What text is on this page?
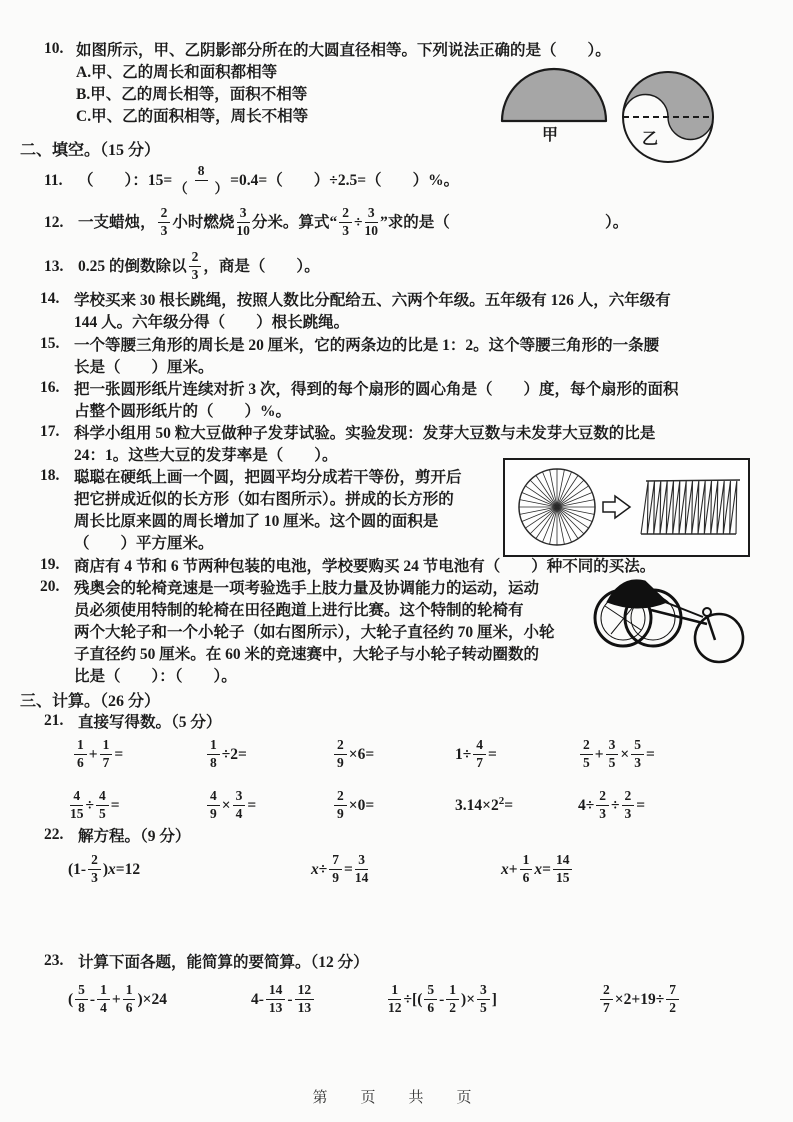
10. 如图所示，甲、乙阴影部分所在的大圆直径相等。下列说法正确的是（　　）。
A.甲、乙的周长和面积都相等
B.甲、乙的周长相等，面积不相等
C.甲、乙的面积相等，周长不相等
甲	乙
二、填空。（15 分）
11. （　　 ）：$15= \frac{8}{( )} =0.4=$（　　 ）÷2.5=（　　 ）%。
12. 一支蜡烛， $\frac{2}{3}$ 小时燃烧 $\frac{3}{10}$ 分米。算式“ $\frac{2}{3} \div \frac{3}{10}$ ”求的是（　　　　　　　　　　	）。
13. 0.25 的倒数除以 $\frac{2}{3}$ ，商是（　　 ）。
14. 学校买来 30 根长跳绳，按照人数比分配给五、六两个年级。五年级有 126 人，六年级有
144 人。六年级分得（　　）根长跳绳。
15. 一个等腰三角形的周长是 20 厘米，它的两条边的比是 1：2。这个等腰三角形的一条腰
长是（　　）厘米。
16. 把一张圆形纸片连续对折 3 次，得到的每个扇形的圆心角是（　　）度，每个扇形的面积
占整个圆形纸片的（　　）%。
17. 科学小组用 50 粒大豆做种子发芽试验。实验发现：发芽大豆数与未发芽大豆数的比是
24：1。这些大豆的发芽率是（　　）。
18. 聪聪在硬纸上画一个圆，把圆平均分成若干等份，剪开后
把它拼成近似的长方形（如右图所示）。拼成的长方形的
周长比原来圆的周长增加了 10 厘米。这个圆的面积是
（　　）平方厘米。
19. 商店有 4 节和 6 节两种包装的电池，学校要购买 24 节电池有（　　）种不同的买法。
20. 残奥会的轮椅竞速是一项考验选手上肢力量及协调能力的运动，运动
员必须使用特制的轮椅在田径跑道上进行比赛。这个特制的轮椅有
两个大轮子和一个小轮子（如右图所示），大轮子直径约 70 厘米，小轮
子直径约 50 厘米。在 60 米的竞速赛中，大轮子与小轮子转动圈数的
比是（　　）：（　　）。
三、计算。（26 分）
21. 直接写得数。（5 分）
$\frac{1}{6} + \frac{1}{7}$ =	$\frac{1}{8} \div 2=$	$\frac{2}{9} \times 6=$	$1\div \frac{4}{7}$ =	$\frac{2}{5} + \frac{3}{5} \times \frac{5}{3}$ =
$\frac{4}{15} \div \frac{4}{5}$ =	$\frac{4}{9} \times \frac{3}{4}$ =	$\frac{2}{9} \times 0=$	$3.14\times 2^2=$	$4\div \frac{2}{3} \div \frac{2}{3}$ =
22. 解方程。（9 分）
$(1- \frac{2}{3} )x=12$	$x\div \frac{7}{9} = \frac{3}{14}$	$x+ \frac{1}{6} x= \frac{14}{15}$
23. 计算下面各题，能简算的要简算。（12 分）
( $\frac{5}{8} - \frac{1}{4} + \frac{1}{6} )\times 24$	$4- \frac{14}{13} - \frac{12}{13}$	$\frac{1}{12}$ ÷[( $\frac{5}{6} - \frac{1}{2}$ )× $\frac{3}{5}$ ]	$\frac{2}{7} \times 2+19\div \frac{7}{2}$
第　页　共　页
